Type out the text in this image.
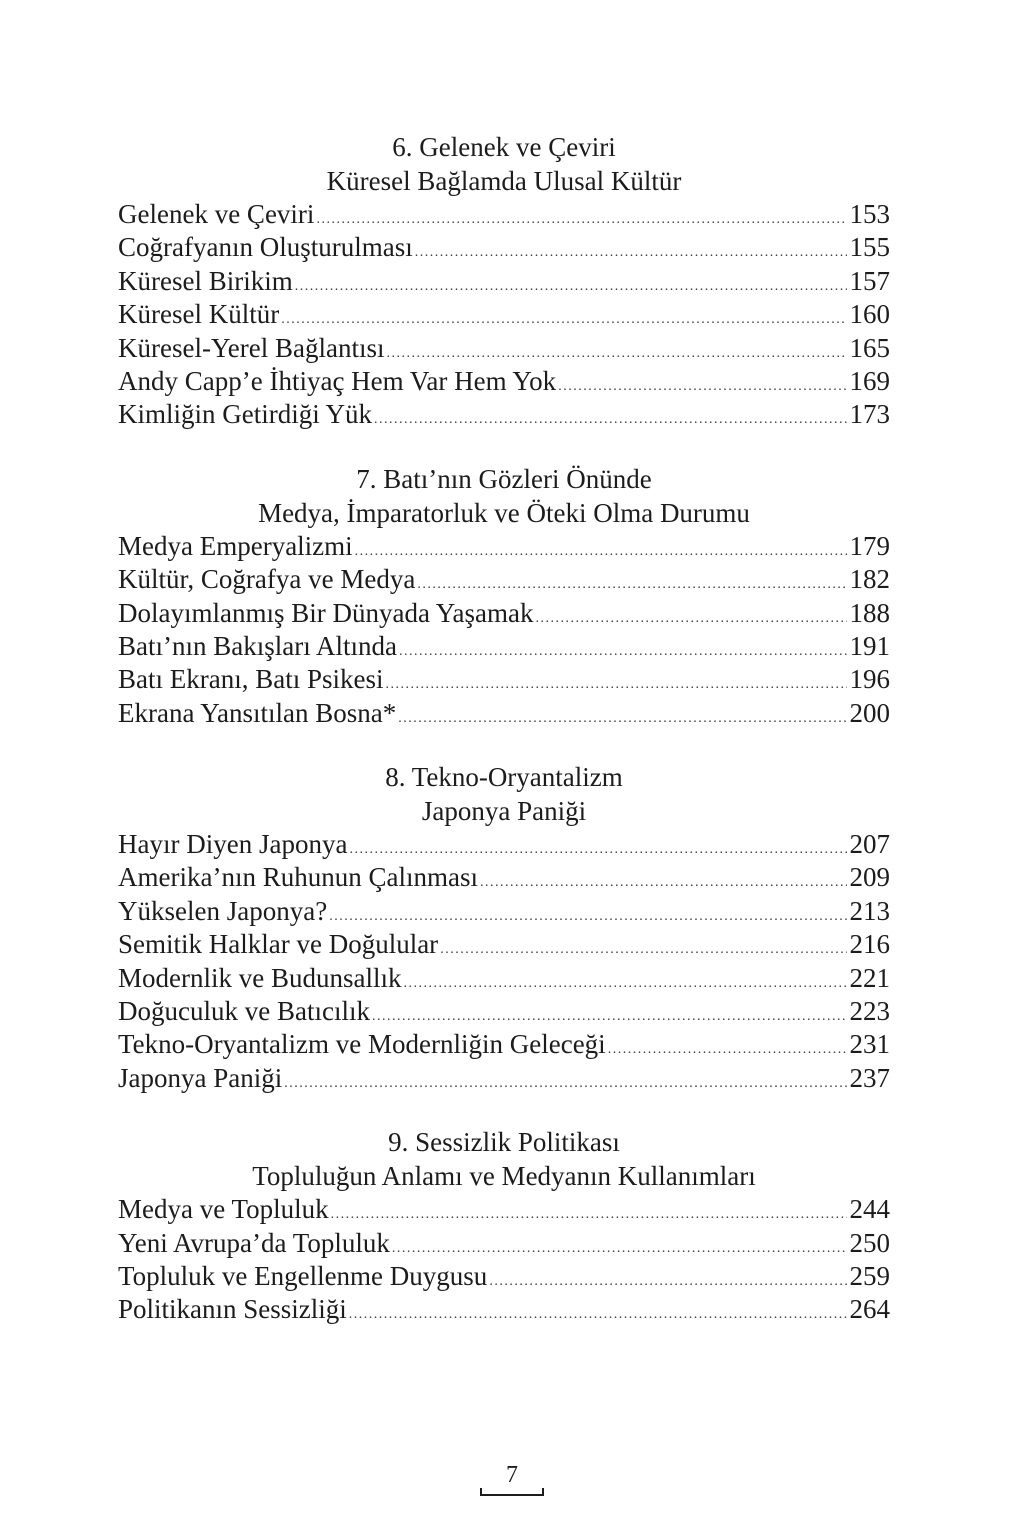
6. Gelenek ve Çeviri
Küresel Bağlamda Ulusal Kültür
Gelenek ve Çeviri .....	153
Coğrafyanın Oluşturulması .....	155
Küresel Birikim .....	157
Küresel Kültür .....	160
Küresel-Yerel Bağlantısı .....	165
Andy Capp’e İhtiyaç Hem Var Hem Yok .....	169
Kimliğin Getirdiği Yük .....	173
7. Batı’nın Gözleri Önünde
Medya, İmparatorluk ve Öteki Olma Durumu
Medya Emperyalizmi .....	179
Kültür, Coğrafya ve Medya .....	182
Dolayımlanmış Bir Dünyada Yaşamak .....	188
Batı’nın Bakışları Altında .....	191
Batı Ekranı, Batı Psikesi .....	196
Ekrana Yansıtılan Bosna* .....	200
8. Tekno-Oryantalizm
Japonya Paniği
Hayır Diyen Japonya .....	207
Amerika’nın Ruhunun Çalınması .....	209
Yükselen Japonya? .....	213
Semitik Halklar ve Doğulular .....	216
Modernlik ve Budunsallık .....	221
Doğuculuk ve Batıcılık .....	223
Tekno-Oryantalizm ve Modernliğin Geleceği .....	231
Japonya Paniği .....	237
9. Sessizlik Politikası
Topluluğun Anlamı ve Medyanın Kullanımları
Medya ve Topluluk .....	244
Yeni Avrupa’da Topluluk .....	250
Topluluk ve Engellenme Duygusu .....	259
Politikanın Sessizliği .....	264
7
